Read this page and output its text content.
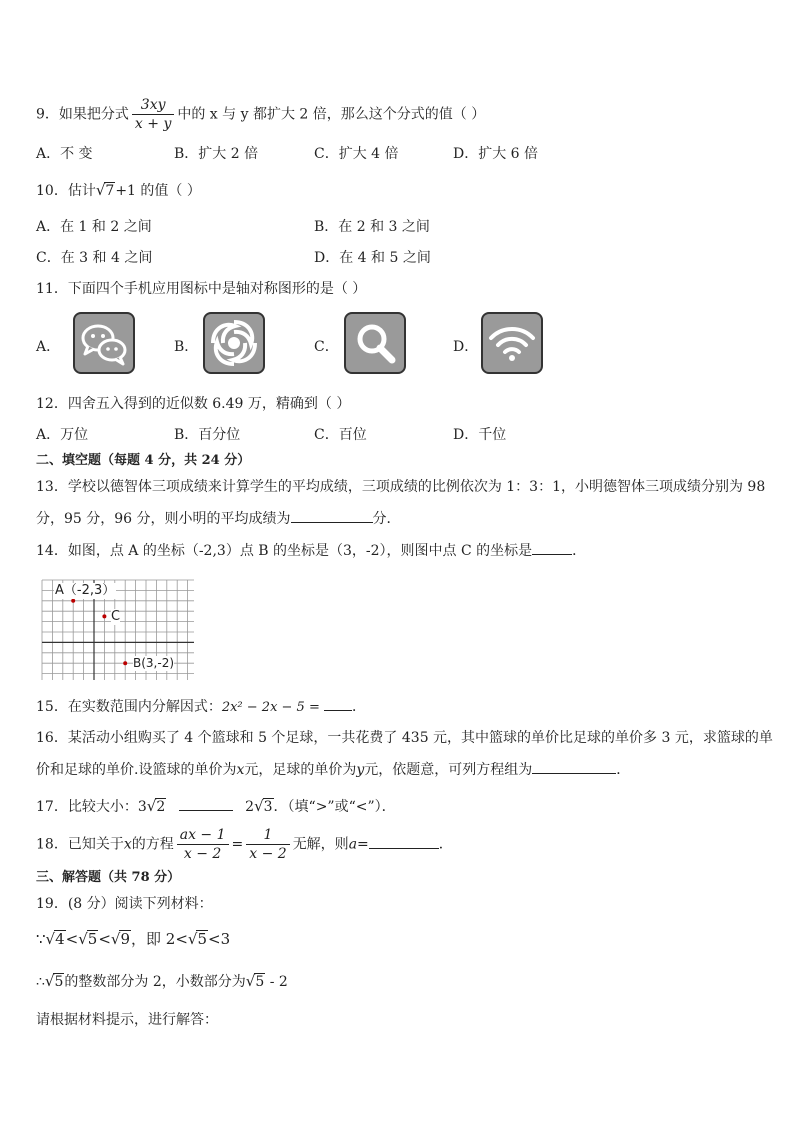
9．如果把分式 $\frac{3xy}{x + y}$ 中的 x 与 y 都扩大 2 倍，那么这个分式的值（ ）
A．不 变	B．扩大 2 倍	C．扩大 4 倍	D．扩大 6 倍
10．估计√7+1 的值（ ）
A．在 1 和 2 之间	B．在 2 和 3 之间
C．在 3 和 4 之间	D．在 4 和 5 之间
11．下面四个手机应用图标中是轴对称图形的是（ ）
A．	B．	C．	D．
12．四舍五入得到的近似数 6.49 万，精确到（ ）
A．万位	B．百分位	C．百位	D．千位
二、填空题（每题 4 分，共 24 分）
13．学校以德智体三项成绩来计算学生的平均成绩，三项成绩的比例依次为 1：3：1，小明德智体三项成绩分别为 98
分，95 分，96 分，则小明的平均成绩为	分．
14．如图，点 A 的坐标（-2,3）点 B 的坐标是（3，-2），则图中点 C 的坐标是	．
A（-2,3）
C
B(3,-2)
15．在实数范围内分解因式：2x² − 2x − 5 = ．
16．某活动小组购买了 4 个篮球和 5 个足球，一共花费了 435 元，其中篮球的单价比足球的单价多 3 元，求篮球的单
价和足球的单价.设篮球的单价为x元，足球的单价为y元，依题意，可列方程组为	．
17．比较大小：3√2	2√3．（填“>”或“<”）．
18．已知关于x的方程 $\frac{ax - 1}{x - 2} = \frac{1}{x - 2}$ 无解，则a=	．
三、解答题（共 78 分）
19．(8 分）阅读下列材料：
∵√4<√5<√9，即 2<√5<3
∴√5的整数部分为 2，小数部分为√5 - 2
请根据材料提示，进行解答：
